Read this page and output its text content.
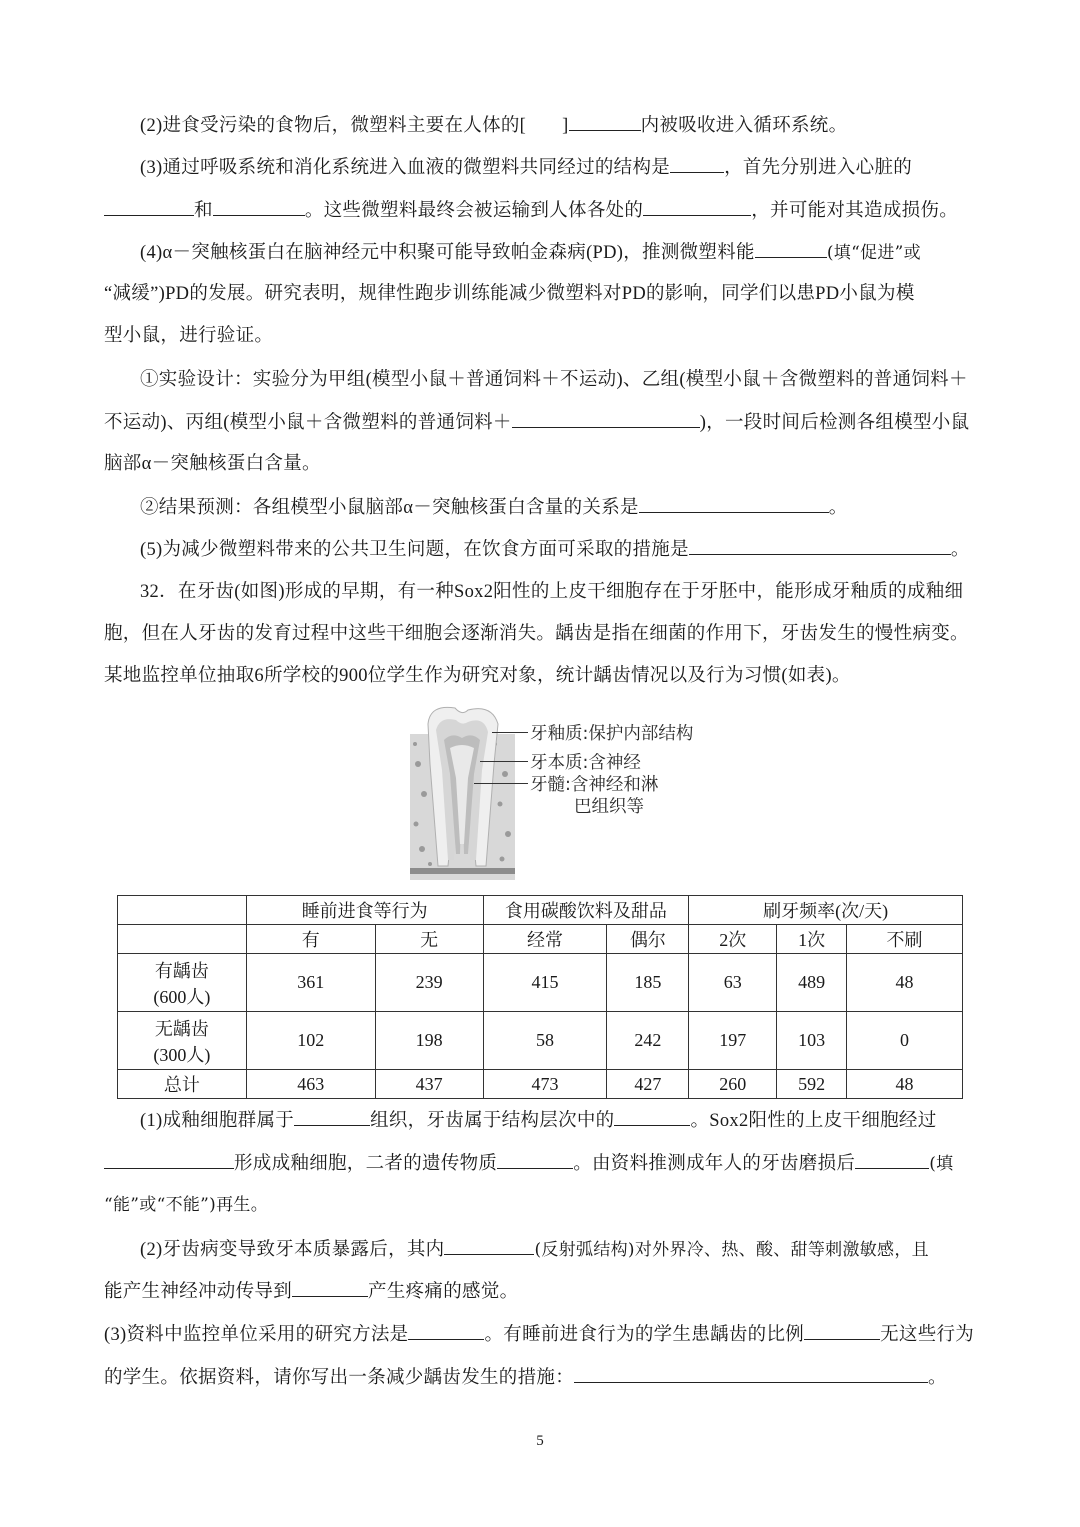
(2)进食受污染的食物后，微塑料主要在人体的[ ]	内被吸收进入循环系统。
(3)通过呼吸系统和消化系统进入血液的微塑料共同经过的结构是	，首先分别进入心脏的
和	。这些微塑料最终会被运输到人体各处的	，并可能对其造成损伤。
(4)α－突触核蛋白在脑神经元中积聚可能导致帕金森病(PD)，推测微塑料能	(填“促进”或
“减缓”)PD的发展。研究表明，规律性跑步训练能减少微塑料对PD的影响，同学们以患PD小鼠为模
型小鼠，进行验证。
①实验设计：实验分为甲组(模型小鼠＋普通饲料＋不运动)、乙组(模型小鼠＋含微塑料的普通饲料＋
不运动)、丙组(模型小鼠＋含微塑料的普通饲料＋	)，一段时间后检测各组模型小鼠
脑部α－突触核蛋白含量。
②结果预测：各组模型小鼠脑部α－突触核蛋白含量的关系是	。
(5)为减少微塑料带来的公共卫生问题，在饮食方面可采取的措施是	。
32．在牙齿(如图)形成的早期，有一种Sox2阳性的上皮干细胞存在于牙胚中，能形成牙釉质的成釉细
胞，但在人牙齿的发育过程中这些干细胞会逐渐消失。龋齿是指在细菌的作用下，牙齿发生的慢性病变。
某地监控单位抽取6所学校的900位学生作为研究对象，统计龋齿情况以及行为习惯(如表)。
牙釉质:保护内部结构
牙本质:含神经
牙髓:含神经和淋
巴组织等
	睡前进食等行为		食用碳酸饮料及甜品		刷牙频率(次/天)		
	有	无	经常	偶尔	2次	1次	不刷

有龋齿
(600人)	361	239	415	185	63	489	48

无龋齿
(300人)	102	198	58	242	197	103	0
总计	463	437	473	427	260	592	48
(1)成釉细胞群属于	组织，牙齿属于结构层次中的	。Sox2阳性的上皮干细胞经过
形成成釉细胞，二者的遗传物质	。由资料推测成年人的牙齿磨损后	(填
“能”或“不能”)再生。
(2)牙齿病变导致牙本质暴露后，其内	(反射弧结构)对外界冷、热、酸、甜等刺激敏感，且
能产生神经冲动传导到	产生疼痛的感觉。
(3)资料中监控单位采用的研究方法是	。有睡前进食行为的学生患龋齿的比例	无这些行为
的学生。依据资料，请你写出一条减少龋齿发生的措施：	。
5
